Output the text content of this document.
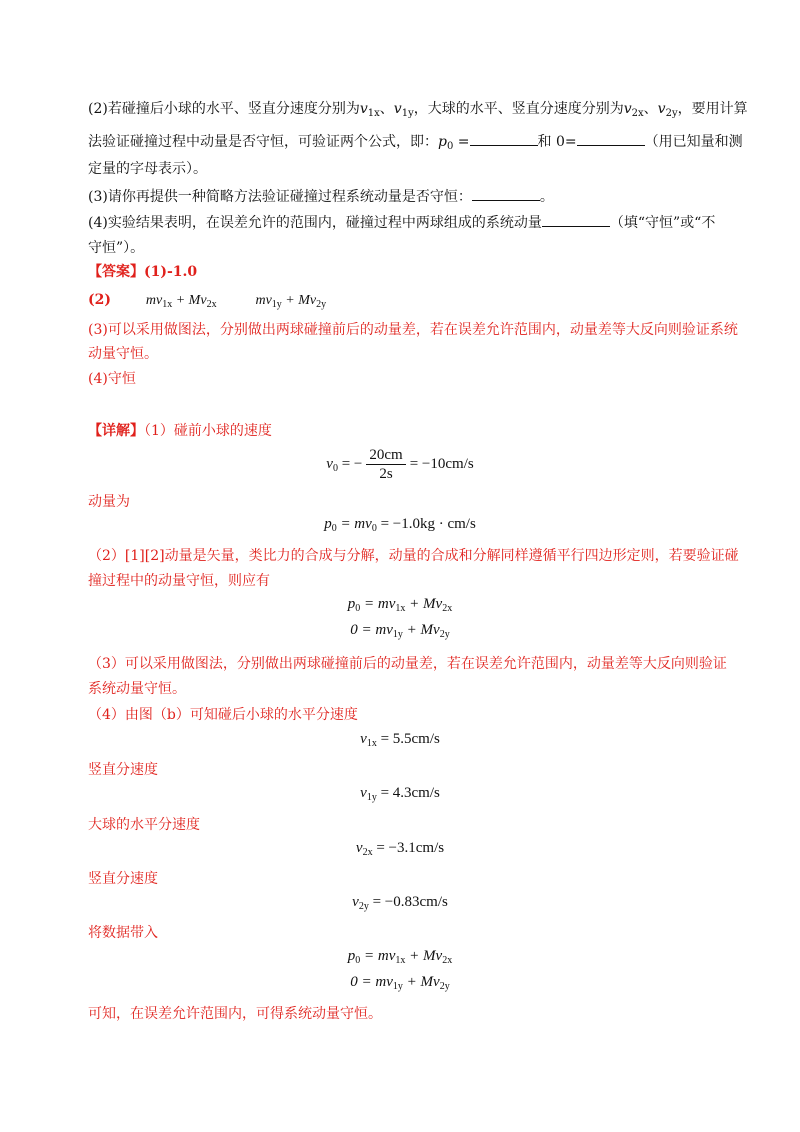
(2)若碰撞后小球的水平、竖直分速度分别为$v_{1x}$、$v_{1y}$，大球的水平、竖直分速度分别为$v_{2x}$、$v_{2y}$，要用计算
法验证碰撞过程中动量是否守恒，可验证两个公式，即：$p_0$ =	和 0=	（用已知量和测
定量的字母表示）。
(3)请你再提供一种简略方法验证碰撞过程系统动量是否守恒：	。
(4)实验结果表明，在误差允许的范围内，碰撞过程中两球组成的系统动量	（填“守恒”或“不
守恒”）。
【答案】(1)-1.0
(2) $mv_{1x} + Mv_{2x}$	$mv_{1y} + Mv_{2y}$
(3)可以采用做图法，分别做出两球碰撞前后的动量差，若在误差允许范围内，动量差等大反向则验证系统
动量守恒。
(4)守恒
【详解】（1）碰前小球的速度
$v_0$ = − $\frac{20cm}{2s} = -10cm/s$
动量为
$p_0 = mv_0 = -1.0kg \cdot cm/s$
（2）[1][2]动量是矢量，类比力的合成与分解，动量的合成和分解同样遵循平行四边形定则，若要验证碰
撞过程中的动量守恒，则应有
$p_0 = mv_{1x} + Mv_{2x}$
$0 = mv_{1y} + Mv_{2y}$
（3）可以采用做图法，分别做出两球碰撞前后的动量差，若在误差允许范围内，动量差等大反向则验证
系统动量守恒。
（4）由图（b）可知碰后小球的水平分速度
$v_{1x} = 5.5cm/s$
竖直分速度
$v_{1y} = 4.3cm/s$
大球的水平分速度
$v_{2x} = -3.1cm/s$
竖直分速度
$v_{2y} = -0.83cm/s$
将数据带入
$p_0 = mv_{1x} + Mv_{2x}$
$0 = mv_{1y} + Mv_{2y}$
可知，在误差允许范围内，可得系统动量守恒。
